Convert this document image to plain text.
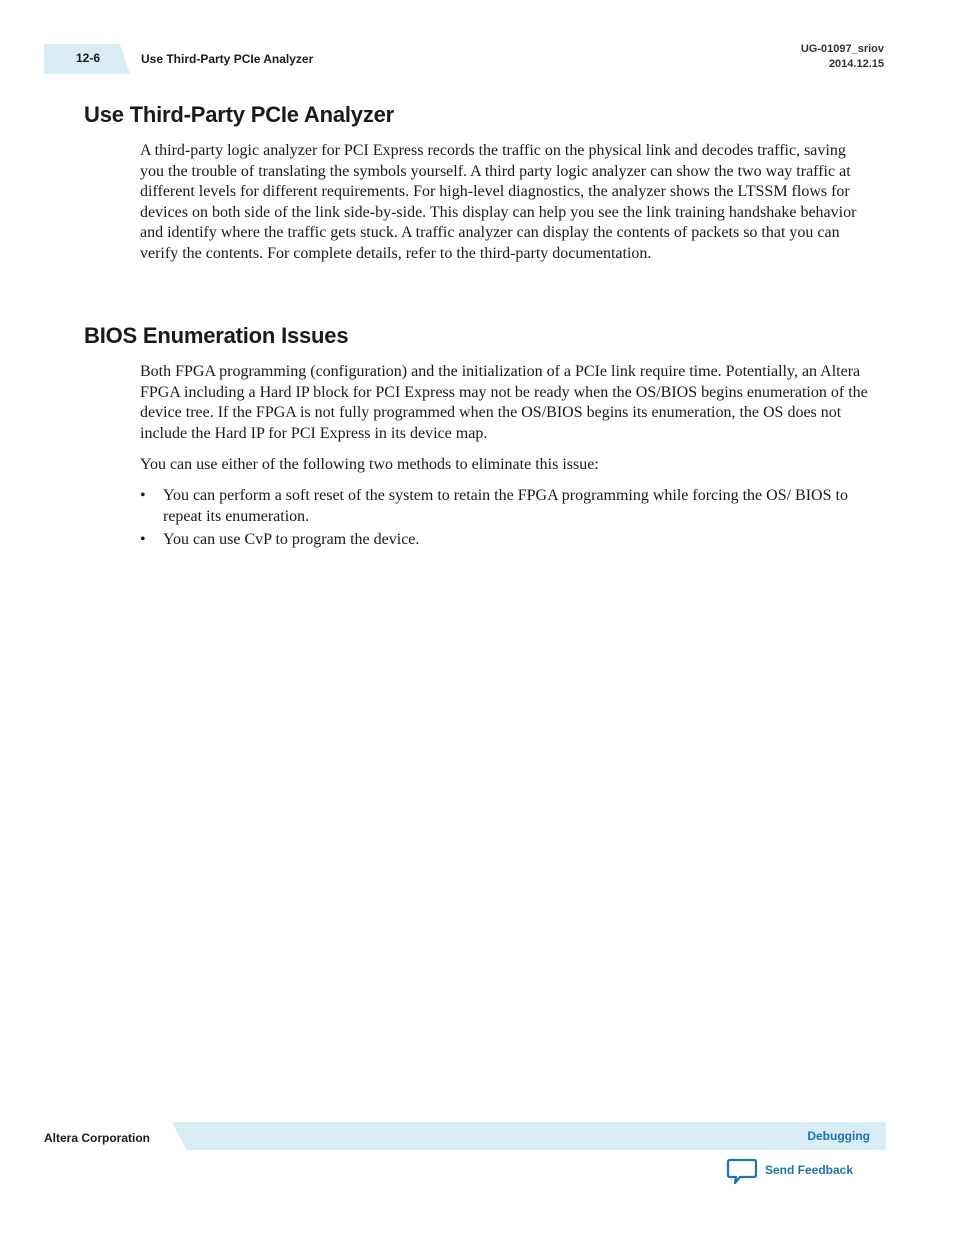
12-6	Use Third-Party PCIe Analyzer
UG-01097_sriov
2014.12.15
Use Third-Party PCIe Analyzer

A third-party logic analyzer for PCI Express records the traffic on the physical link and decodes traffic, saving you the trouble of translating the symbols yourself. A third party logic analyzer can show the two way traffic at different levels for different requirements. For high-level diagnostics, the analyzer shows the LTSSM flows for devices on both side of the link side-by-side. This display can help you see the link training handshake behavior and identify where the traffic gets stuck. A traffic analyzer can display the contents of packets so that you can verify the contents. For complete details, refer to the third-party documentation.

BIOS Enumeration Issues

Both FPGA programming (configuration) and the initialization of a PCIe link require time. Potentially, an Altera FPGA including a Hard IP block for PCI Express may not be ready when the OS/BIOS begins enumeration of the device tree. If the FPGA is not fully programmed when the OS/BIOS begins its enumeration, the OS does not include the Hard IP for PCI Express in its device map.

You can use either of the following two methods to eliminate this issue:

• You can perform a soft reset of the system to retain the FPGA programming while forcing the OS/ BIOS to repeat its enumeration.
• You can use CvP to program the device.
Altera Corporation	Debugging
Send Feedback
